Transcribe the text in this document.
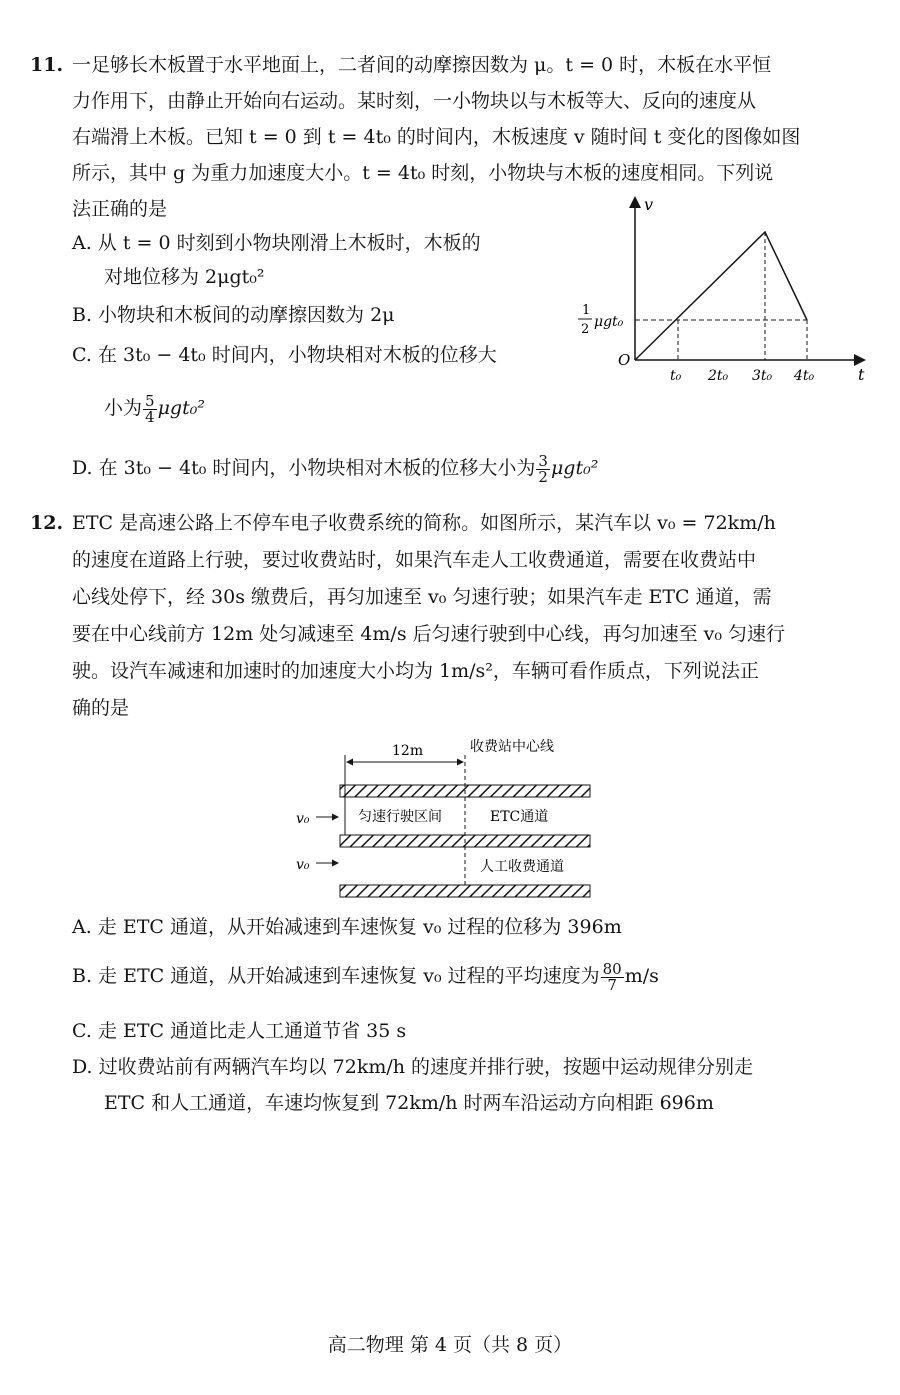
11. 一足够长木板置于水平地面上，二者间的动摩擦因数为 μ。t = 0 时，木板在水平恒
力作用下，由静止开始向右运动。某时刻，一小物块以与木板等大、反向的速度从
右端滑上木板。已知 t = 0 到 t = 4t₀ 的时间内，木板速度 v 随时间 t 变化的图像如图
所示，其中 g 为重力加速度大小。t = 4t₀ 时刻，小物块与木板的速度相同。下列说
法正确的是
A. 从 t = 0 时刻到小物块刚滑上木板时，木板的
对地位移为 2μgt₀²
B. 小物块和木板间的动摩擦因数为 2μ
C. 在 3t₀ − 4t₀ 时间内，小物块相对木板的位移大
小为 $\frac{5}{4} \mu gt_0^2$
D. 在 3t₀ − 4t₀ 时间内，小物块相对木板的位移大小为 $\frac{3}{2} \mu gt_0^2$
v
t
O
1
2 μgt₀
t₀ 2t₀ 3t₀ 4t₀
12. ETC 是高速公路上不停车电子收费系统的简称。如图所示，某汽车以 v₀ = 72km/h
的速度在道路上行驶，要过收费站时，如果汽车走人工收费通道，需要在收费站中
心线处停下，经 30s 缴费后，再匀加速至 v₀ 匀速行驶；如果汽车走 ETC 通道，需
要在中心线前方 12m 处匀减速至 4m/s 后匀速行驶到中心线，再匀加速至 v₀ 匀速行
驶。设汽车减速和加速时的加速度大小均为 1m/s²，车辆可看作质点，下列说法正
确的是
12m	收费站中心线
匀速行驶区间	ETC通道
人工收费通道
v₀
v₀
A. 走 ETC 通道，从开始减速到车速恢复 v₀ 过程的位移为 396m
B. 走 ETC 通道，从开始减速到车速恢复 v₀ 过程的平均速度为 $\frac{80}{7} m/s$
C. 走 ETC 通道比走人工通道节省 35 s
D. 过收费站前有两辆汽车均以 72km/h 的速度并排行驶，按题中运动规律分别走
ETC 和人工通道，车速均恢复到 72km/h 时两车沿运动方向相距 696m
高二物理 第 4 页（共 8 页）
